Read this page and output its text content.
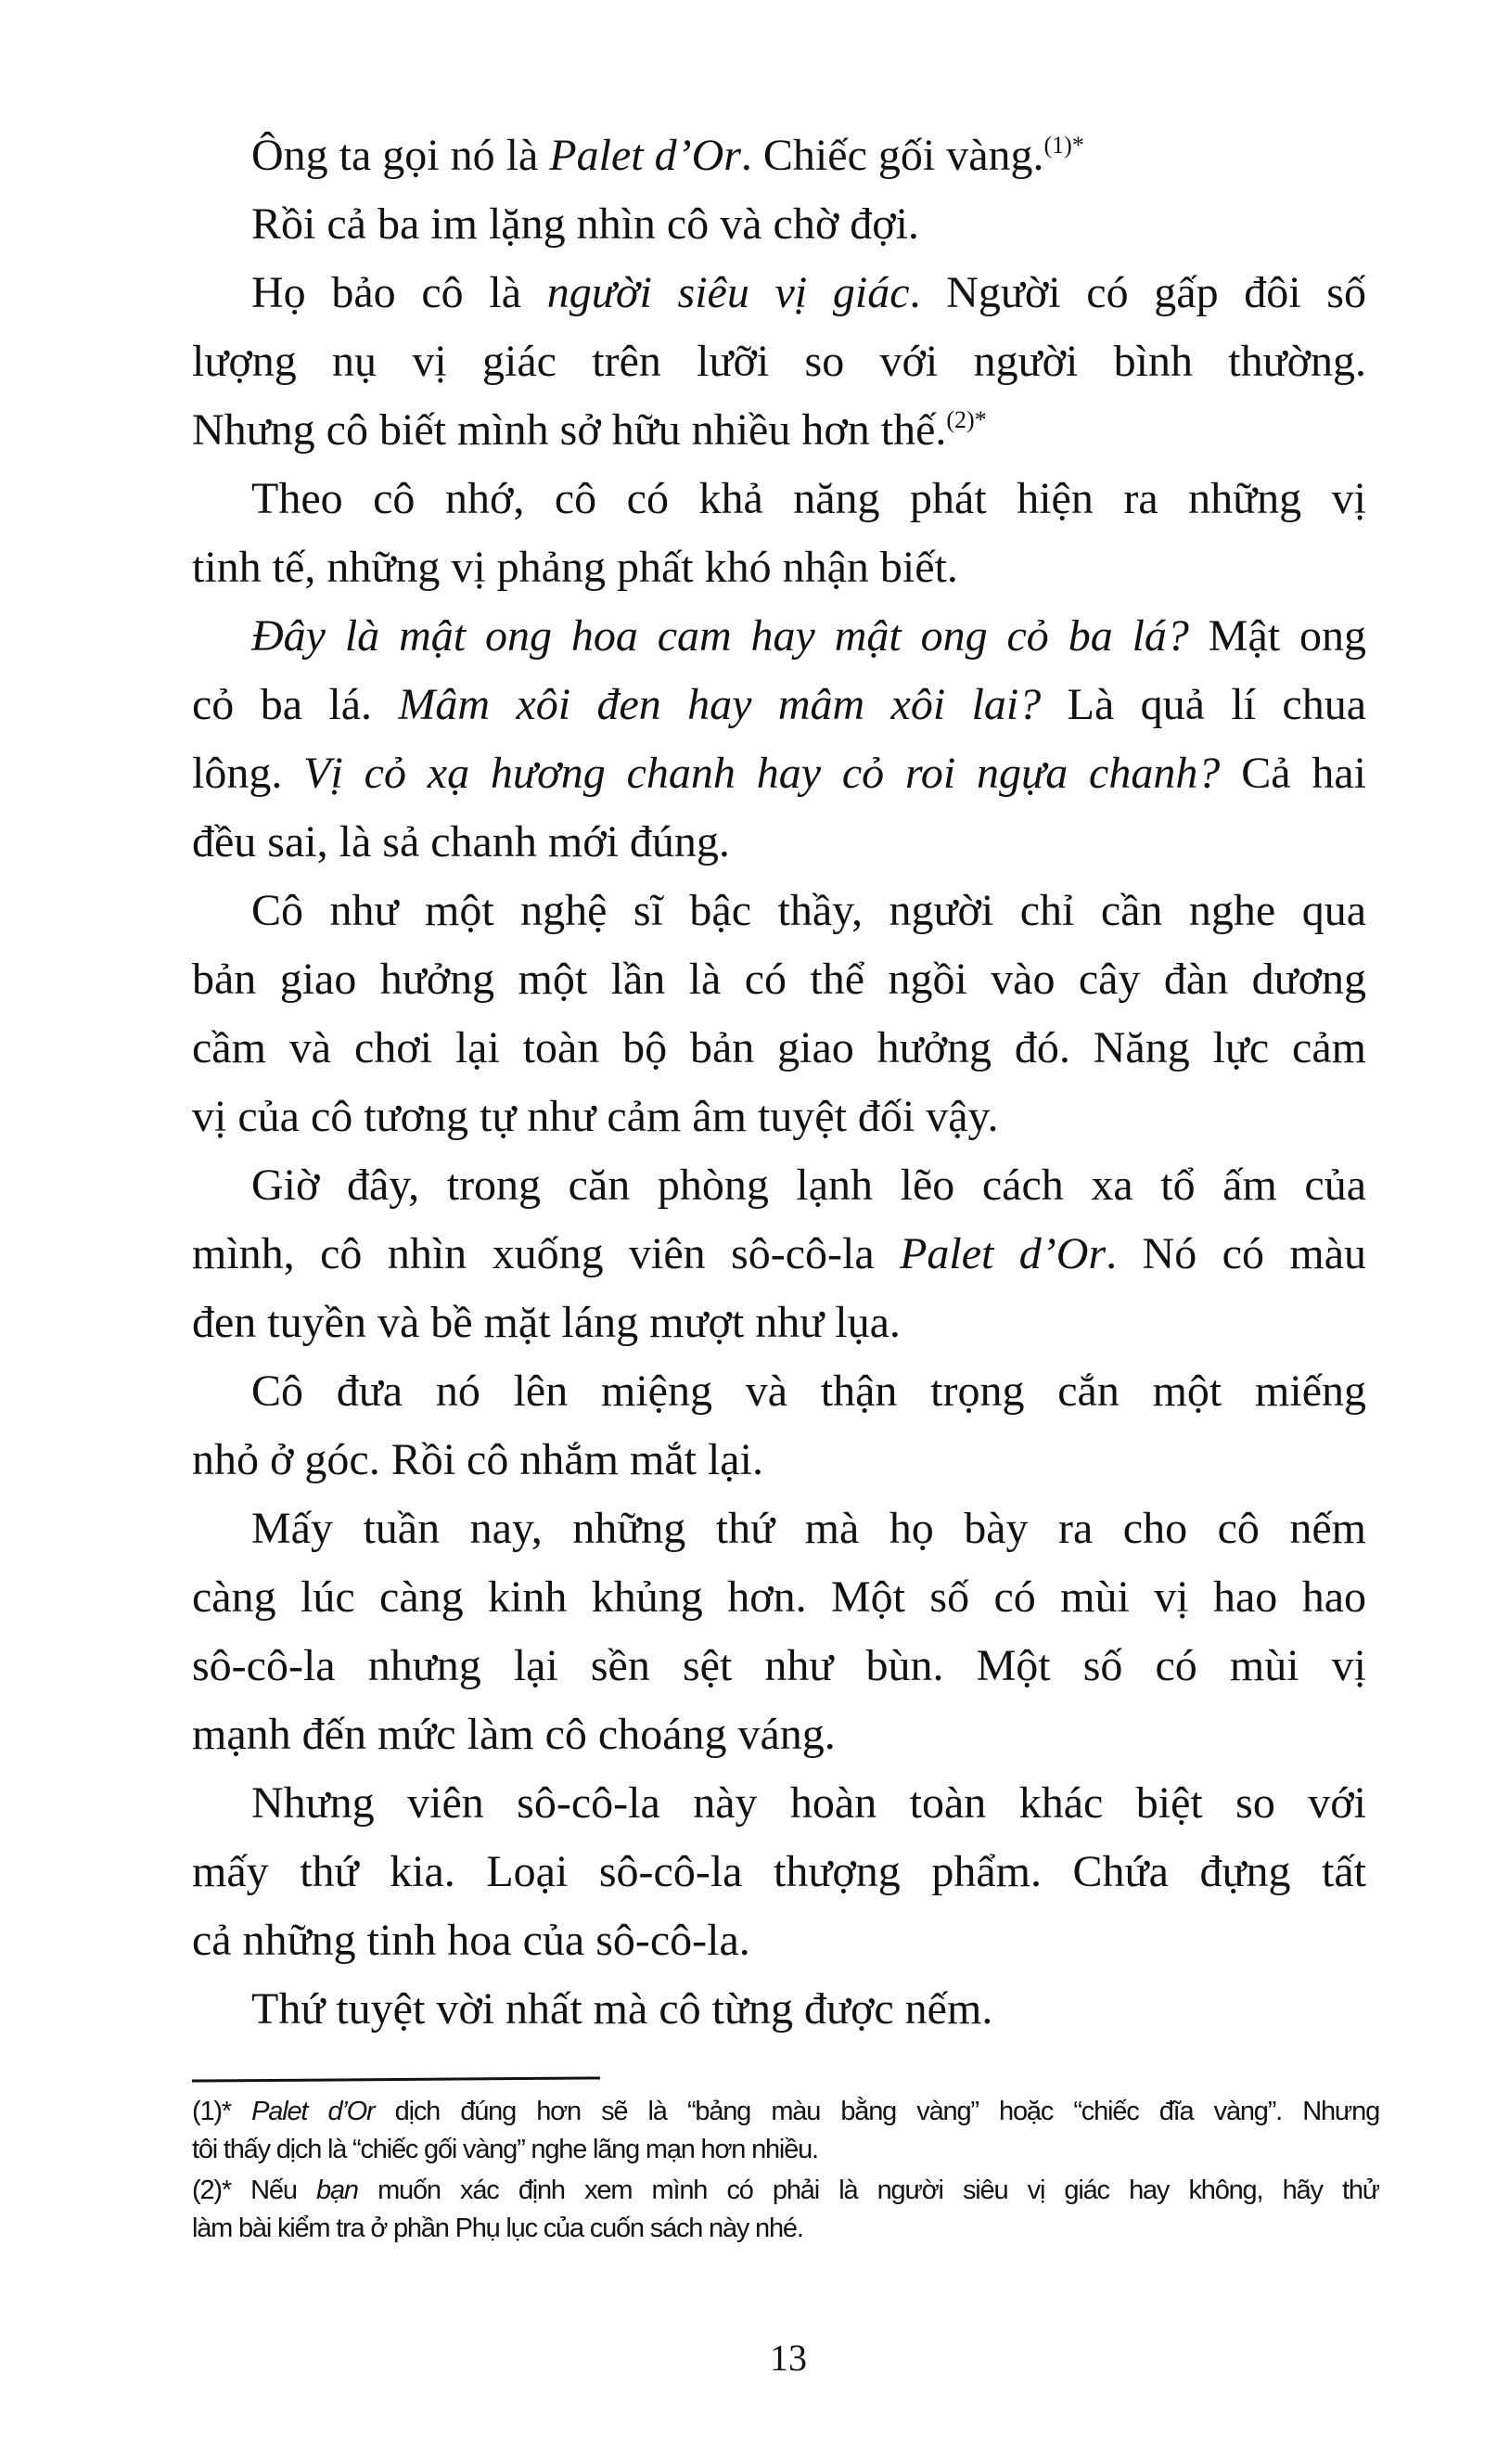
Ông ta gọi nó là Palet d’Or. Chiếc gối vàng.$^{(1)*}$
Rồi cả ba im lặng nhìn cô và chờ đợi.
Họ bảo cô là người siêu vị giác. Người có gấp đôi số
lượng nụ vị giác trên lưỡi so với người bình thường.
Nhưng cô biết mình sở hữu nhiều hơn thế.$^{(2)*}$
Theo cô nhớ, cô có khả năng phát hiện ra những vị
tinh tế, những vị phảng phất khó nhận biết.
Đây là mật ong hoa cam hay mật ong cỏ ba lá? Mật ong
cỏ ba lá. Mâm xôi đen hay mâm xôi lai? Là quả lí chua
lông. Vị cỏ xạ hương chanh hay cỏ roi ngựa chanh? Cả hai
đều sai, là sả chanh mới đúng.
Cô như một nghệ sĩ bậc thầy, người chỉ cần nghe qua
bản giao hưởng một lần là có thể ngồi vào cây đàn dương
cầm và chơi lại toàn bộ bản giao hưởng đó. Năng lực cảm
vị của cô tương tự như cảm âm tuyệt đối vậy.
Giờ đây, trong căn phòng lạnh lẽo cách xa tổ ấm của
mình, cô nhìn xuống viên sô-cô-la Palet d’Or. Nó có màu
đen tuyền và bề mặt láng mượt như lụa.
Cô đưa nó lên miệng và thận trọng cắn một miếng
nhỏ ở góc. Rồi cô nhắm mắt lại.
Mấy tuần nay, những thứ mà họ bày ra cho cô nếm
càng lúc càng kinh khủng hơn. Một số có mùi vị hao hao
sô-cô-la nhưng lại sền sệt như bùn. Một số có mùi vị
mạnh đến mức làm cô choáng váng.
Nhưng viên sô-cô-la này hoàn toàn khác biệt so với
mấy thứ kia. Loại sô-cô-la thượng phẩm. Chứa đựng tất
cả những tinh hoa của sô-cô-la.
Thứ tuyệt vời nhất mà cô từng được nếm.
(1)* Palet d’Or dịch đúng hơn sẽ là “bảng màu bằng vàng” hoặc “chiếc đĩa vàng”. Nhưng
tôi thấy dịch là “chiếc gối vàng” nghe lãng mạn hơn nhiều.
(2)* Nếu bạn muốn xác định xem mình có phải là người siêu vị giác hay không, hãy thử
làm bài kiểm tra ở phần Phụ lục của cuốn sách này nhé.
13
